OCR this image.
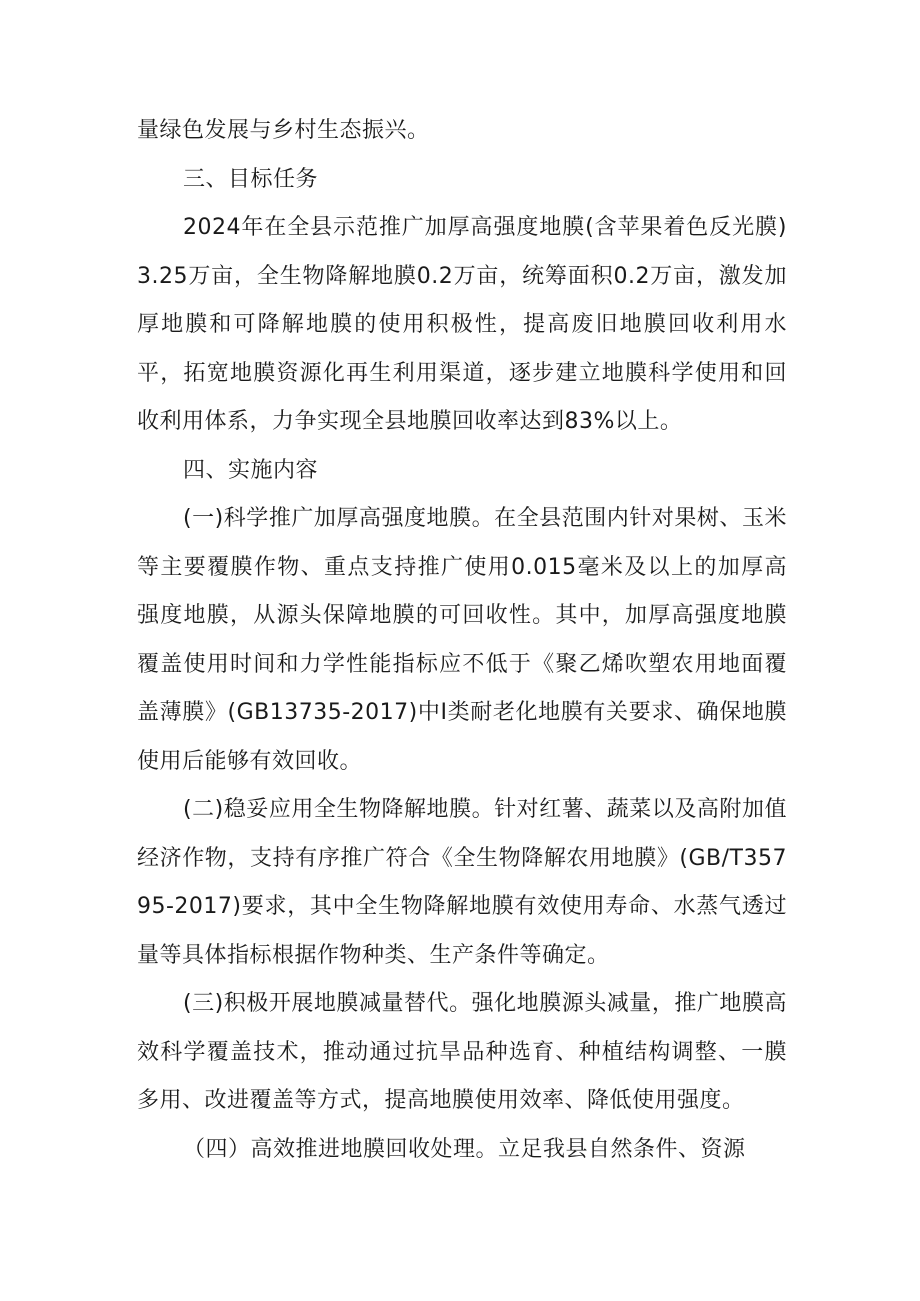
量绿色发展与乡村生态振兴。

三、目标任务

2024年在全县示范推广加厚高强度地膜(含苹果着色反光膜)3.25万亩，全生物降解地膜0.2万亩，统筹面积0.2万亩，激发加厚地膜和可降解地膜的使用积极性，提高废旧地膜回收利用水平，拓宽地膜资源化再生利用渠道，逐步建立地膜科学使用和回收利用体系，力争实现全县地膜回收率达到83%以上。

四、实施内容

(一)科学推广加厚高强度地膜。在全县范围内针对果树、玉米等主要覆膜作物、重点支持推广使用0.015毫米及以上的加厚高强度地膜，从源头保障地膜的可回收性。其中，加厚高强度地膜覆盖使用时间和力学性能指标应不低于《聚乙烯吹塑农用地面覆盖薄膜》(GB13735-2017)中I类耐老化地膜有关要求、确保地膜使用后能够有效回收。

(二)稳妥应用全生物降解地膜。针对红薯、蔬菜以及高附加值经济作物，支持有序推广符合《全生物降解农用地膜》(GB/T35795-2017)要求，其中全生物降解地膜有效使用寿命、水蒸气透过量等具体指标根据作物种类、生产条件等确定。

(三)积极开展地膜减量替代。强化地膜源头减量，推广地膜高效科学覆盖技术，推动通过抗旱品种选育、种植结构调整、一膜多用、改进覆盖等方式，提高地膜使用效率、降低使用强度。

（四）高效推进地膜回收处理。立足我县自然条件、资源
